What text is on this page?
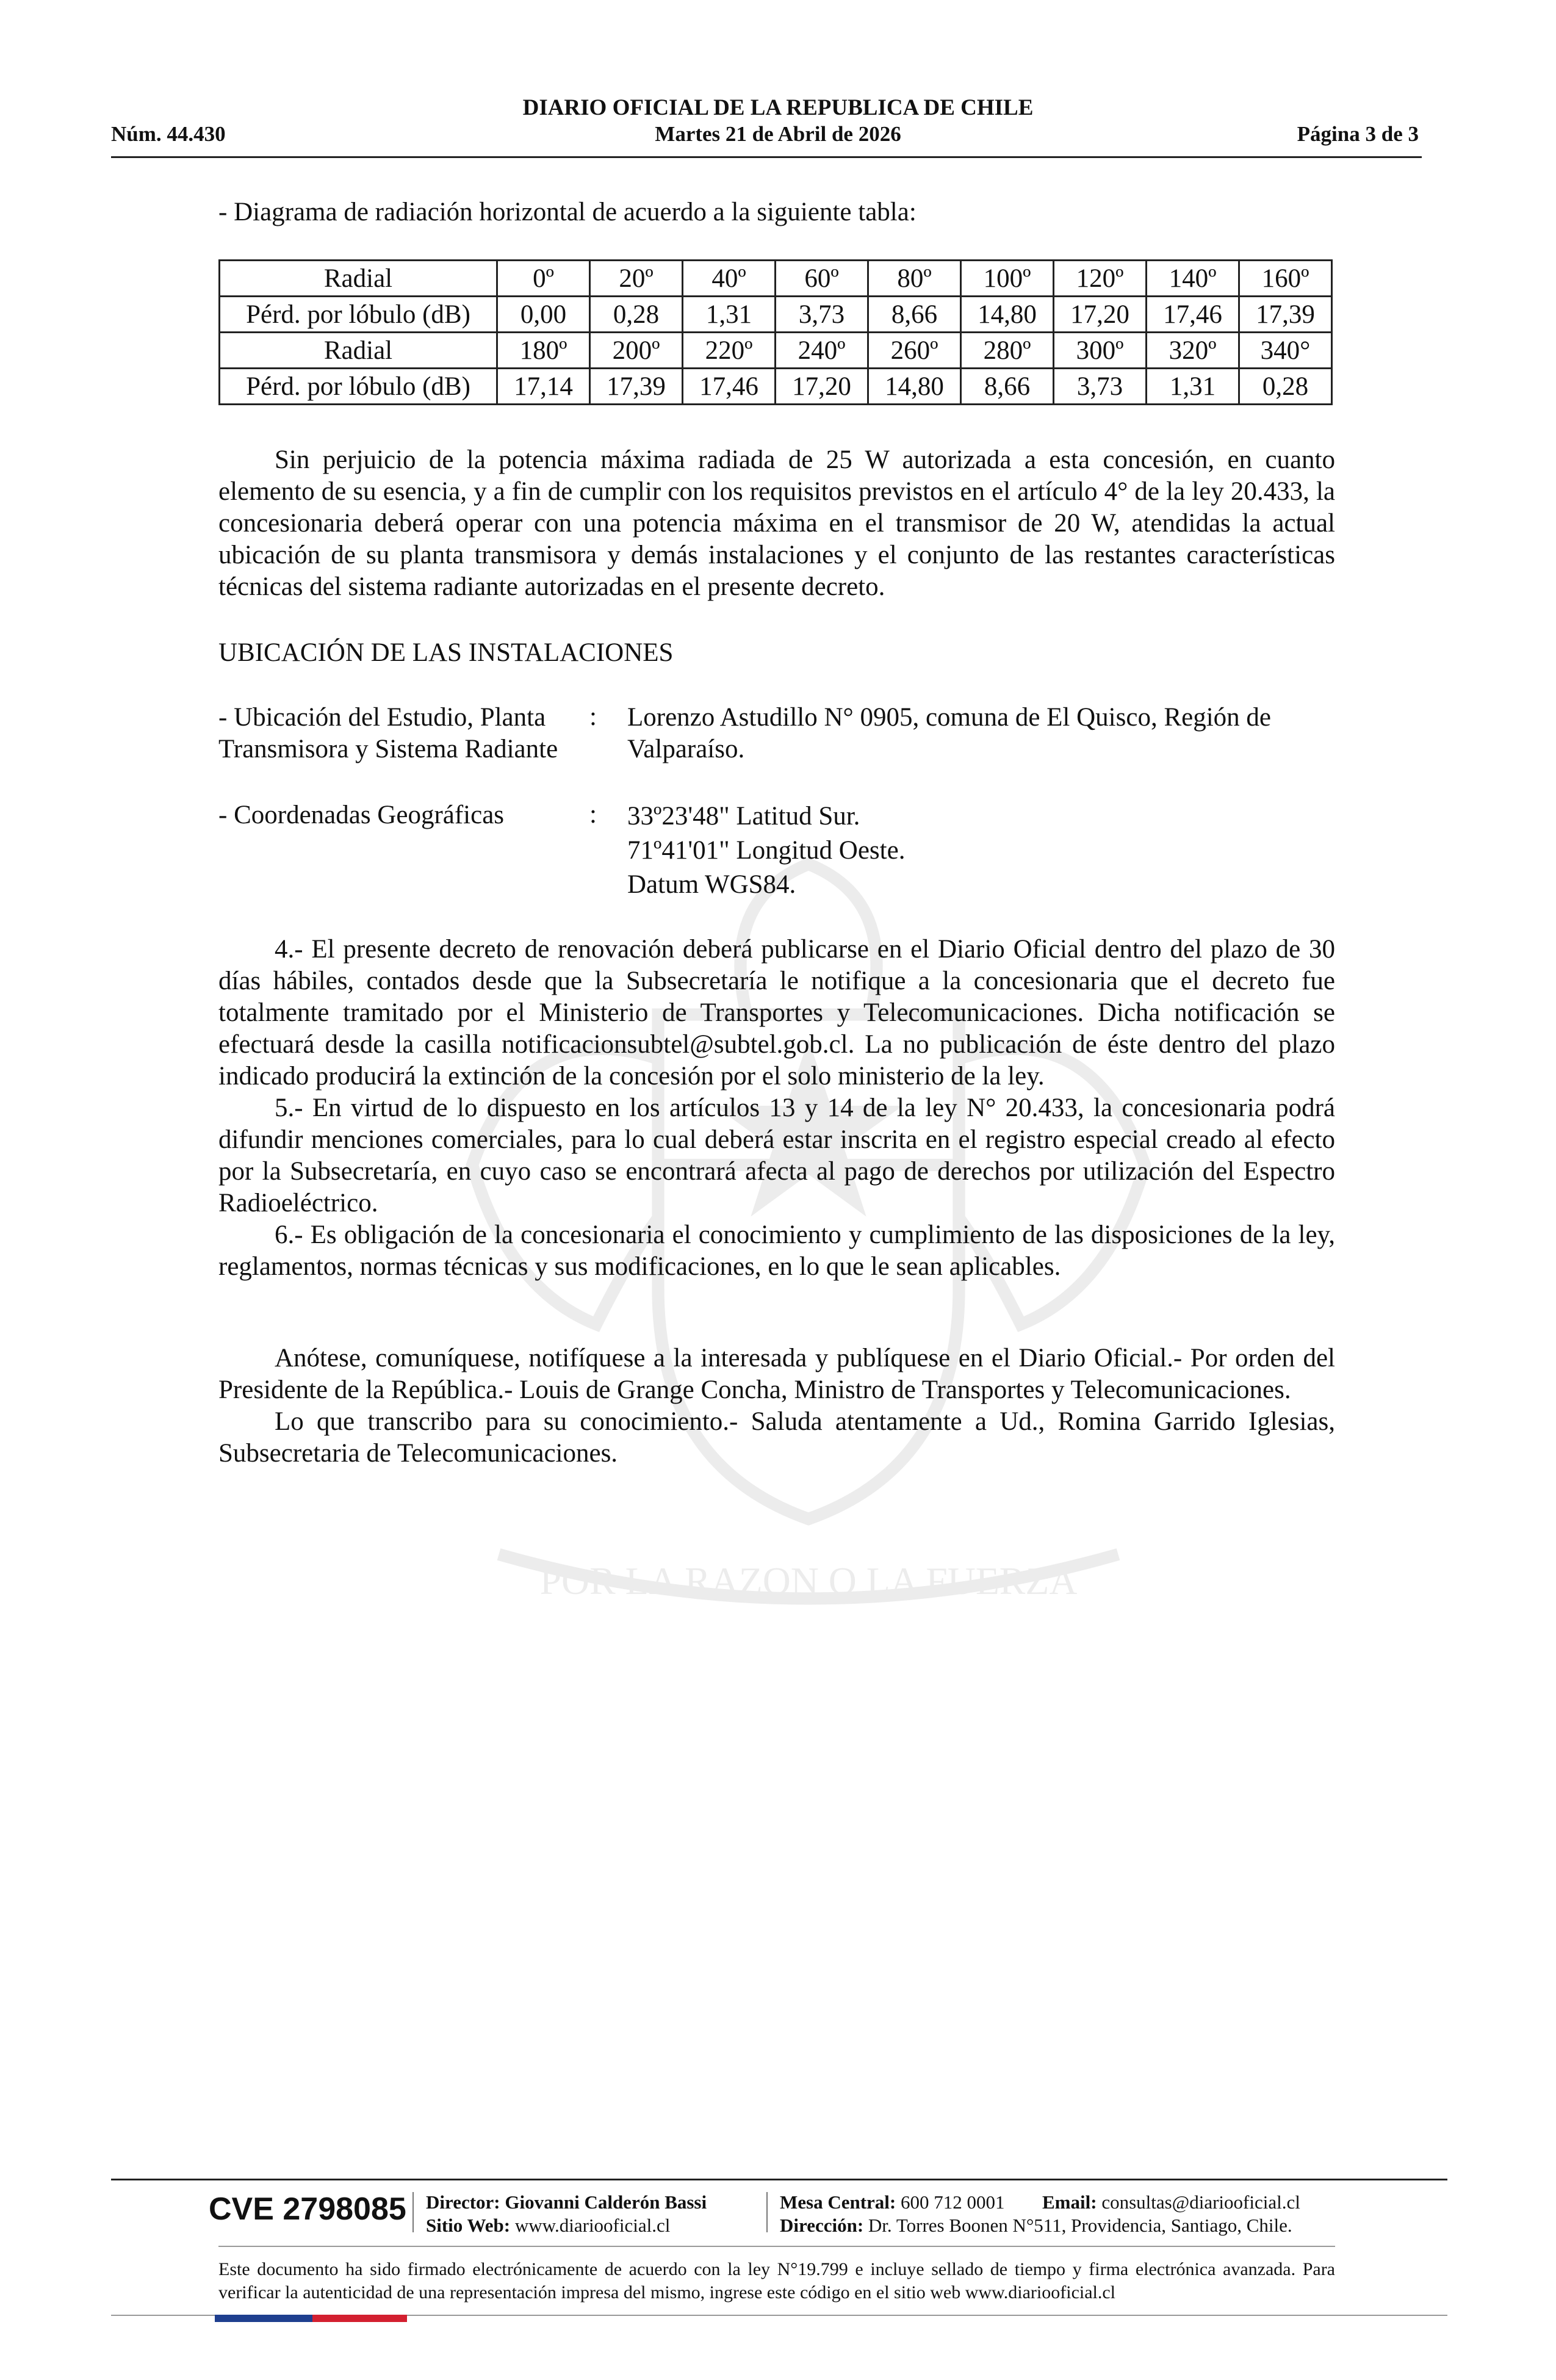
POR LA RAZON O LA FUERZA
DIARIO OFICIAL DE LA REPUBLICA DE CHILE
Núm. 44.430	Martes 21 de Abril de 2026	Página 3 de 3
- Diagrama de radiación horizontal de acuerdo a la siguiente tabla:
Radial	0º	20º	40º	60º	80º	100º	120º	140º	160º
Pérd. por lóbulo (dB)	0,00	0,28	1,31	3,73	8,66	14,80	17,20	17,46	17,39
Radial	180º	200º	220º	240º	260º	280º	300º	320º	340°
Pérd. por lóbulo (dB)	17,14	17,39	17,46	17,20	14,80	8,66	3,73	1,31	0,28
Sin perjuicio de la potencia máxima radiada de 25 W autorizada a esta concesión, en cuanto elemento de su esencia, y a fin de cumplir con los requisitos previstos en el artículo 4° de la ley 20.433, la concesionaria deberá operar con una potencia máxima en el transmisor de 20 W, atendidas la actual ubicación de su planta transmisora y demás instalaciones y el conjunto de las restantes características técnicas del sistema radiante autorizadas en el presente decreto.
UBICACIÓN DE LAS INSTALACIONES
- Ubicación del Estudio, Planta Transmisora y Sistema Radiante
: Lorenzo Astudillo N° 0905, comuna de El Quisco, Región de Valparaíso.
- Coordenadas Geográficas	: 33º23'48" Latitud Sur.
71º41'01" Longitud Oeste.
Datum WGS84.
4.- El presente decreto de renovación deberá publicarse en el Diario Oficial dentro del plazo de 30 días hábiles, contados desde que la Subsecretaría le notifique a la concesionaria que el decreto fue totalmente tramitado por el Ministerio de Transportes y Telecomunicaciones. Dicha notificación se efectuará desde la casilla notificacionsubtel@subtel.gob.cl. La no publicación de éste dentro del plazo indicado producirá la extinción de la concesión por el solo ministerio de la ley.
5.- En virtud de lo dispuesto en los artículos 13 y 14 de la ley N° 20.433, la concesionaria podrá difundir menciones comerciales, para lo cual deberá estar inscrita en el registro especial creado al efecto por la Subsecretaría, en cuyo caso se encontrará afecta al pago de derechos por utilización del Espectro Radioeléctrico.
6.- Es obligación de la concesionaria el conocimiento y cumplimiento de las disposiciones de la ley, reglamentos, normas técnicas y sus modificaciones, en lo que le sean aplicables.
Anótese, comuníquese, notifíquese a la interesada y publíquese en el Diario Oficial.- Por orden del Presidente de la República.- Louis de Grange Concha, Ministro de Transportes y Telecomunicaciones.
Lo que transcribo para su conocimiento.- Saluda atentamente a Ud., Romina Garrido Iglesias, Subsecretaria de Telecomunicaciones.
CVE 2798085 Director: Giovanni Calderón Bassi
Sitio Web: www.diariooficial.cl
Mesa Central: 600 712 0001
Dirección: Dr. Torres Boonen N°511, Providencia, Santiago, Chile.
Email: consultas@diariooficial.cl
Este documento ha sido firmado electrónicamente de acuerdo con la ley N°19.799 e incluye sellado de tiempo y firma electrónica avanzada. Para verificar la autenticidad de una representación impresa del mismo, ingrese este código en el sitio web www.diariooficial.cl
